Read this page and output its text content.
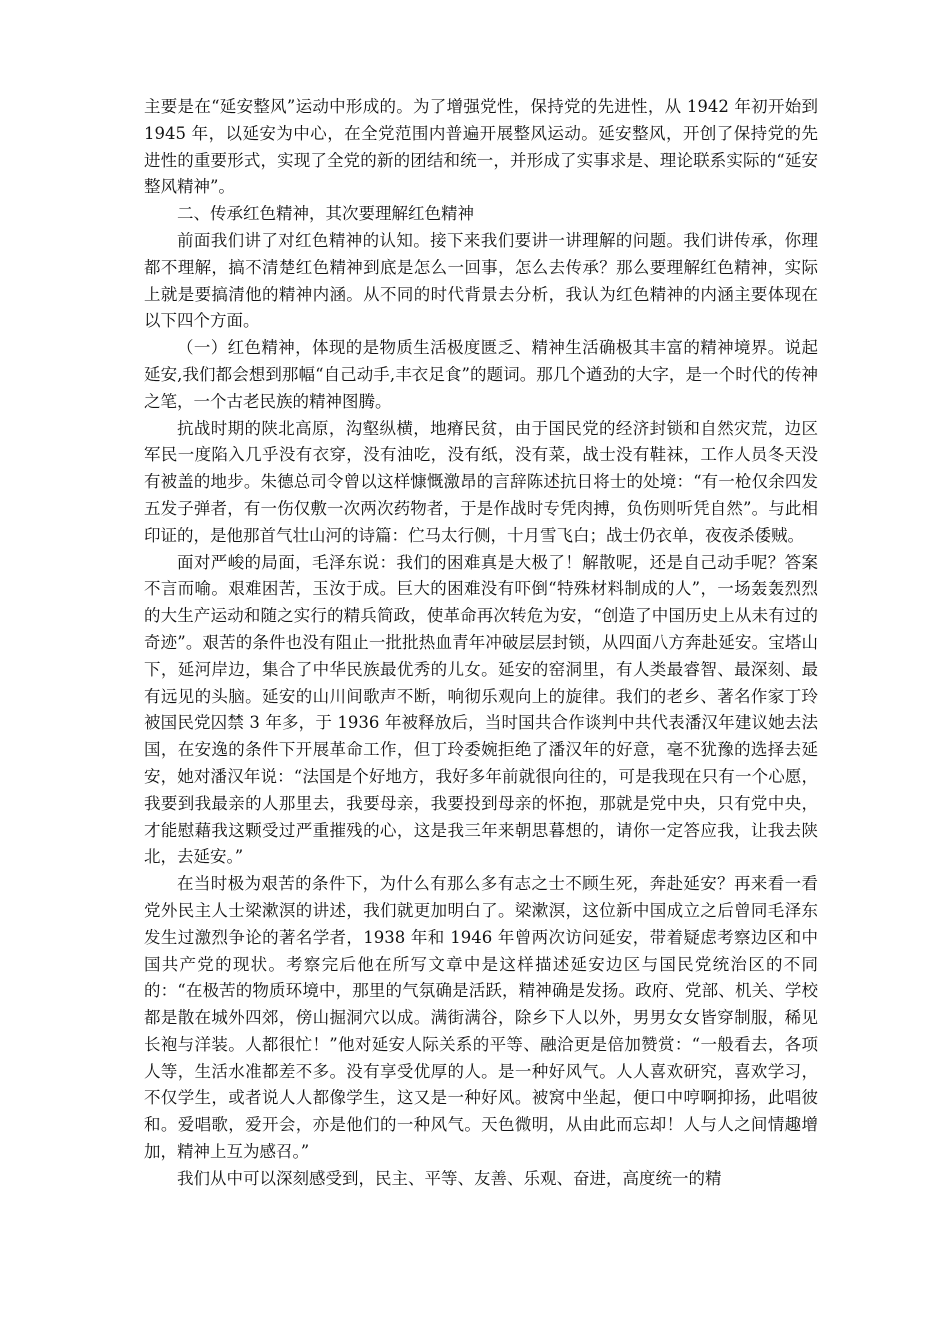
主要是在“延安整风”运动中形成的。为了增强党性，保持党的先进性，从 1942 年初开始到 1945 年，以延安为中心，在全党范围内普遍开展整风运动。延安整风，开创了保持党的先进性的重要形式，实现了全党的新的团结和统一，并形成了实事求是、理论联系实际的“延安整风精神”。

二、传承红色精神，其次要理解红色精神

前面我们讲了对红色精神的认知。接下来我们要讲一讲理解的问题。我们讲传承，你理都不理解，搞不清楚红色精神到底是怎么一回事，怎么去传承？那么要理解红色精神，实际上就是要搞清他的精神内涵。从不同的时代背景去分析，我认为红色精神的内涵主要体现在以下四个方面。

（一）红色精神，体现的是物质生活极度匮乏、精神生活确极其丰富的精神境界。说起延安,我们都会想到那幅“自己动手,丰衣足食”的题词。那几个遒劲的大字，是一个时代的传神之笔，一个古老民族的精神图腾。

抗战时期的陕北高原，沟壑纵横，地瘠民贫，由于国民党的经济封锁和自然灾荒，边区军民一度陷入几乎没有衣穿，没有油吃，没有纸，没有菜，战士没有鞋袜，工作人员冬天没有被盖的地步。朱德总司令曾以这样慷慨激昂的言辞陈述抗日将士的处境：“有一枪仅余四发五发子弹者，有一伤仅敷一次两次药物者，于是作战时专凭肉搏，负伤则听凭自然”。与此相印证的，是他那首气壮山河的诗篇：伫马太行侧，十月雪飞白；战士仍衣单，夜夜杀倭贼。

面对严峻的局面，毛泽东说：我们的困难真是大极了！解散呢，还是自己动手呢？答案不言而喻。艰难困苦，玉汝于成。巨大的困难没有吓倒“特殊材料制成的人”，一场轰轰烈烈的大生产运动和随之实行的精兵简政，使革命再次转危为安，“创造了中国历史上从未有过的奇迹”。艰苦的条件也没有阻止一批批热血青年冲破层层封锁，从四面八方奔赴延安。宝塔山下，延河岸边，集合了中华民族最优秀的儿女。延安的窑洞里，有人类最睿智、最深刻、最有远见的头脑。延安的山川间歌声不断，响彻乐观向上的旋律。我们的老乡、著名作家丁玲被国民党囚禁 3 年多，于 1936 年被释放后，当时国共合作谈判中共代表潘汉年建议她去法国，在安逸的条件下开展革命工作，但丁玲委婉拒绝了潘汉年的好意，毫不犹豫的选择去延安，她对潘汉年说：“法国是个好地方，我好多年前就很向往的，可是我现在只有一个心愿，我要到我最亲的人那里去，我要母亲，我要投到母亲的怀抱，那就是党中央，只有党中央，才能慰藉我这颗受过严重摧残的心，这是我三年来朝思暮想的，请你一定答应我，让我去陕北，去延安。”

在当时极为艰苦的条件下，为什么有那么多有志之士不顾生死，奔赴延安？再来看一看党外民主人士梁漱溟的讲述，我们就更加明白了。梁漱溟，这位新中国成立之后曾同毛泽东发生过激烈争论的著名学者，1938 年和 1946 年曾两次访问延安，带着疑虑考察边区和中国共产党的现状。考察完后他在所写文章中是这样描述延安边区与国民党统治区的不同的：“在极苦的物质环境中，那里的气氛确是活跃，精神确是发扬。政府、党部、机关、学校都是散在城外四郊，傍山掘洞穴以成。满街满谷，除乡下人以外，男男女女皆穿制服，稀见长袍与洋装。人都很忙！”他对延安人际关系的平等、融洽更是倍加赞赏：“一般看去，各项人等，生活水准都差不多。没有享受优厚的人。是一种好风气。人人喜欢研究，喜欢学习，不仅学生，或者说人人都像学生，这又是一种好风。被窝中坐起，便口中哼啊抑扬，此唱彼和。爱唱歌，爱开会，亦是他们的一种风气。天色微明，从由此而忘却！人与人之间情趣增加，精神上互为感召。”

我们从中可以深刻感受到，民主、平等、友善、乐观、奋进，高度统一的精
